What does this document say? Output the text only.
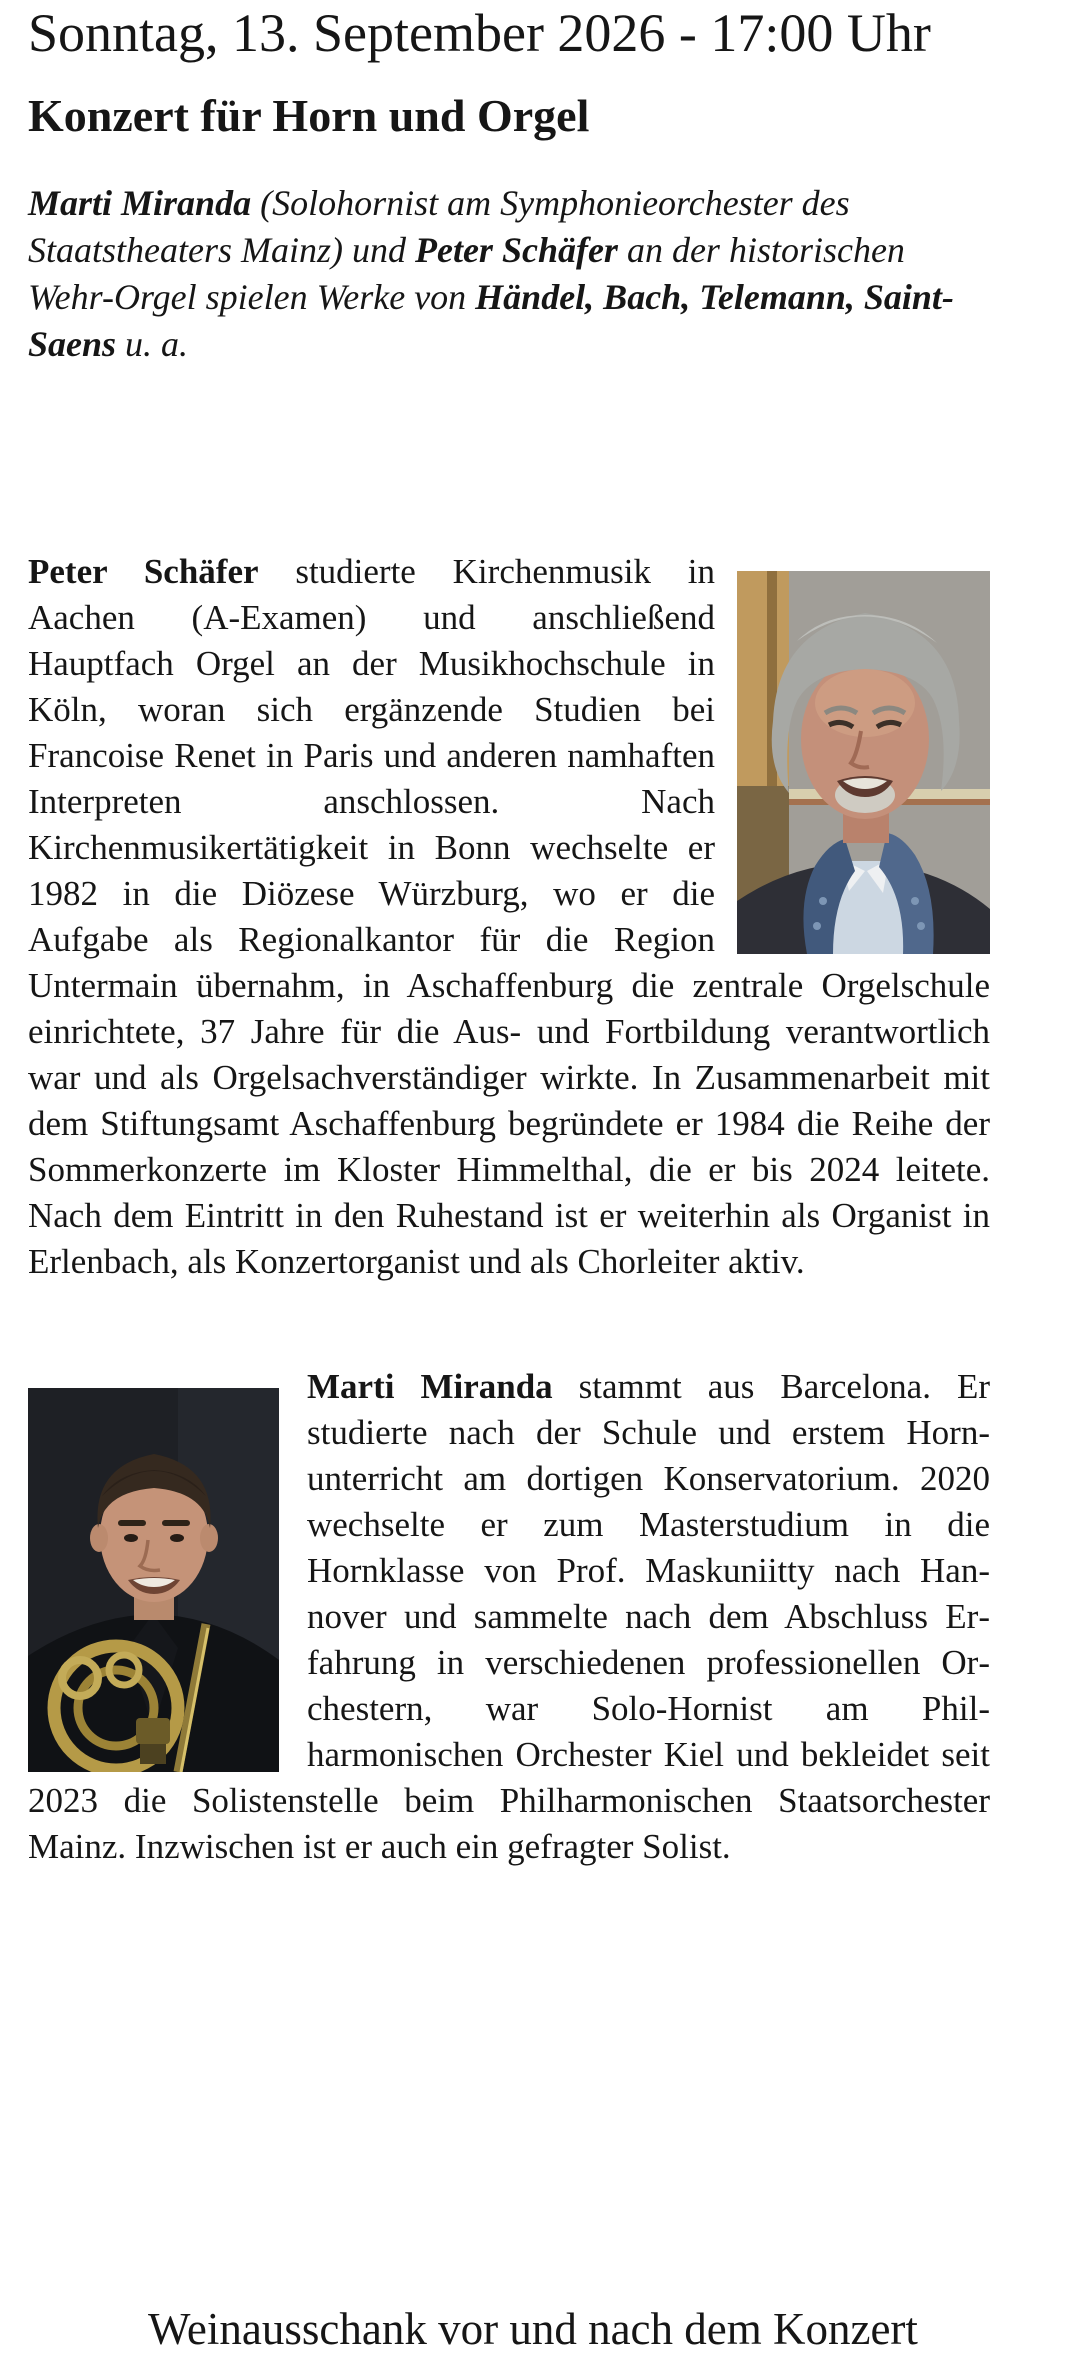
Sonntag, 13. September 2026 - 17:00 Uhr
Konzert für Horn und Orgel

Marti Miranda (Solohornist am Symphonieorchester des Staatstheaters Mainz) und Peter Schäfer an der historischen Wehr-Orgel spielen Werke von Händel, Bach, Telemann, Saint-Saens u. a.

Peter Schäfer studierte Kirchenmusik in Aachen (A-Examen) und anschließend Hauptfach Orgel an der Musikhochschule in Köln, woran sich ergänzende Studien bei Francoise Renet in Paris und anderen namhaften Interpreten anschlossen. Nach Kirchenmusikertätigkeit in Bonn wechselte er 1982 in die Diözese Würzburg, wo er die Aufgabe als Regionalkantor für die Region Untermain übernahm, in Aschaffenburg die zentrale Orgelschule einrichtete, 37 Jahre für die Aus- und Fortbildung verantwortlich war und als Orgelsachverständiger wirkte. In Zusammenarbeit mit dem Stiftungsamt Aschaffenburg begründete er 1984 die Reihe der Sommerkonzerte im Kloster Himmelthal, die er bis 2024 leitete. Nach dem Eintritt in den Ruhestand ist er weiterhin als Organist in Erlenbach, als Konzertorganist und als Chorleiter aktiv.

Marti Miranda stammt aus Barcelona. Er studierte nach der Schule und erstem Hornunterricht am dortigen Konservatorium. 2020 wechselte er zum Masterstudium in die Hornklasse von Prof. Maskuniitty nach Hannover und sammelte nach dem Abschluss Erfahrung in verschiedenen professionellen Orchestern, war Solo-Hornist am Philharmonischen Orchester Kiel und bekleidet seit 2023 die Solistenstelle beim Philharmonischen Staatsorchester Mainz. Inzwischen ist er auch ein gefragter Solist.

Weinausschank vor und nach dem Konzert
